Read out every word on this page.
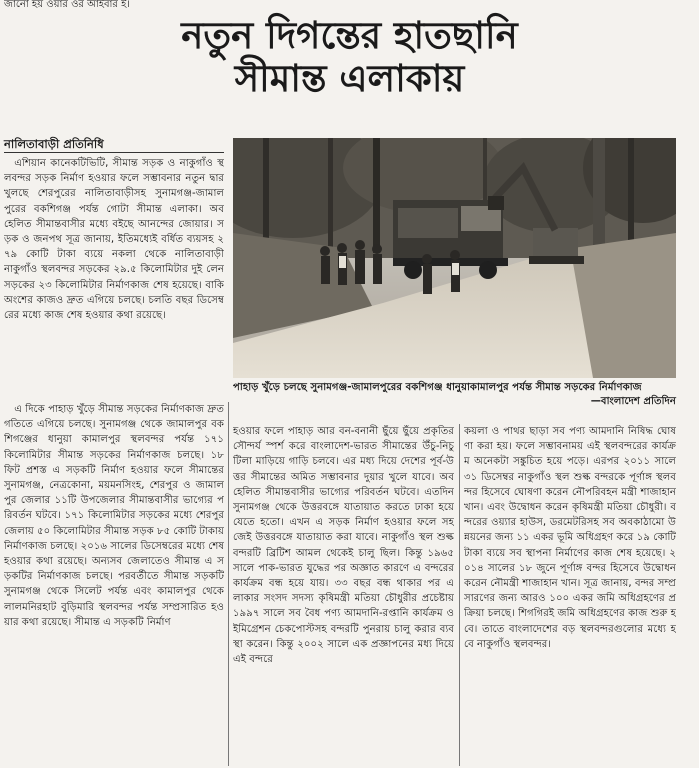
জানো হয় ওয়ার ওর আইবার ই।
নতুন দিগন্তের হাতছানি
সীমান্ত এলাকায়
নালিতাবাড়ী প্রতিনিধি

এশিয়ান কানেকটিভিটি, সীমান্ত সড়ক ও নাকুগাঁও স্থলবন্দর সড়ক নির্মাণ হওয়ার ফলে সম্ভাবনার নতুন দ্বার খুলছে শেরপুরের নালিতাবাড়ীসহ সুনামগঞ্জ-জামালপুরের বকশিগঞ্জ পর্যন্ত গোটা সীমান্ত এলাকা। অবহেলিত সীমান্তবাসীর মধ্যে বইছে আনন্দের জোয়ার। সড়ক ও জনপথ সূত্র জানায়, ইতিমধ্যেই বর্ধিত ব্যয়সহ ২৭৯ কোটি টাকা ব্যয়ে নকলা থেকে নালিতাবাড়ী নাকুগাঁও স্থলবন্দর সড়কের ২৯.৫ কিলোমিটার দুই লেন সড়কের ২৩ কিলোমিটার নির্মাণকাজ শেষ হয়েছে। বাকি অংশের কাজও দ্রুত এগিয়ে চলছে। চলতি বছর ডিসেম্বরের মধ্যে কাজ শেষ হওয়ার কথা রয়েছে।

এ দিকে পাহাড় খুঁড়ে সীমান্ত সড়কের নির্মাণকাজ দ্রুত গতিতে এগিয়ে চলছে। সুনামগঞ্জ থেকে জামালপুর বকশিগঞ্জের ধানুয়া কামালপুর স্থলবন্দর পর্যন্ত ১৭১ কিলোমিটার সীমান্ত সড়কের নির্মাণকাজ চলছে। ১৮ ফিট প্রশস্ত এ সড়কটি নির্মাণ হওয়ার ফলে সীমান্তের সুনামগঞ্জ, নেত্রকোনা, ময়মনসিংহ, শেরপুর ও জামালপুর জেলার ১১টি উপজেলার সীমান্তবাসীর ভাগ্যের পরিবর্তন ঘটবে। ১৭১ কিলোমিটার সড়কের মধ্যে শেরপুর জেলায় ৫০ কিলোমিটার সীমান্ত সড়ক ৮৫ কোটি টাকায় নির্মাণকাজ চলছে। ২০১৬ সালের ডিসেম্বরের মধ্যে শেষ হওয়ার কথা রয়েছে। অন্যসব জেলাতেও সীমান্ত এ সড়কটির নির্মাণকাজ চলছে। পরবর্তীতে সীমান্ত সড়কটি সুনামগঞ্জ থেকে সিলেট পর্যন্ত এবং কামালপুর থেকে লালমনিরহাট বুড়িমারি স্থলবন্দর পর্যন্ত সম্প্রসারিত হওয়ার কথা রয়েছে। সীমান্ত এ সড়কটি নির্মাণ

হওয়ার ফলে পাহাড় আর বন-বনানী ছুঁয়ে ছুঁয়ে প্রকৃতির সৌন্দর্য স্পর্শ করে বাংলাদেশ-ভারত সীমান্তের উঁচু-নিচু টিলা মাড়িয়ে গাড়ি চলবে। এর মধ্য দিয়ে দেশের পূর্ব-উত্তর সীমান্তের অমিত সম্ভাবনার দুয়ার খুলে যাবে। অবহেলিত সীমান্তবাসীর ভাগ্যের পরিবর্তন ঘটবে। এতদিন সুনামগঞ্জ থেকে উত্তরবঙ্গে যাতায়াত করতে ঢাকা হয়ে যেতে হতো। এখন এ সড়ক নির্মাণ হওয়ার ফলে সহজেই উত্তরবঙ্গে যাতায়াত করা যাবে। নাকুগাঁও স্থল শুল্ক বন্দরটি ব্রিটিশ আমল থেকেই চালু ছিল। কিন্তু ১৯৬৫ সালে পাক-ভারত যুদ্ধের পর অজ্ঞাত কারণে এ বন্দরের কার্যক্রম বন্ধ হয়ে যায়। ৩৩ বছর বন্ধ থাকার পর এলাকার সংসদ সদস্য কৃষিমন্ত্রী মতিয়া চৌধুরীর প্রচেষ্টায় ১৯৯৭ সালে সব বৈধ পণ্য আমদানি-রপ্তানি কার্যক্রম ও ইমিগ্রেশন চেকপোস্টসহ বন্দরটি পুনরায় চালু করার ব্যবস্থা করেন। কিন্তু ২০০২ সালে এক প্রজ্ঞাপনের মধ্য দিয়ে এই বন্দরে

কয়লা ও পাথর ছাড়া সব পণ্য আমদানি নিষিদ্ধ ঘোষণা করা হয়। ফলে সম্ভাবনাময় এই স্থলবন্দরের কার্যক্রম অনেকটা সঙ্কুচিত হয়ে পড়ে। এরপর ২০১১ সালে ৩১ ডিসেম্বর নাকুগাঁও স্থল শুল্ক বন্দরকে পূর্ণাঙ্গ স্থলবন্দর হিসেবে ঘোষণা করেন নৌপরিবহন মন্ত্রী শাজাহান খান। এবং উদ্বোধন করেন কৃষিমন্ত্রী মতিয়া চৌধুরী। বন্দরের ওয়্যার হাউস, ডরমেটরিসহ সব অবকাঠামো উন্নয়নের জন্য ১১ একর ভূমি অধিগ্রহণ করে ১৯ কোটি টাকা ব্যয়ে সব স্থাপনা নির্মাণের কাজ শেষ হয়েছে। ২০১৪ সালের ১৮ জুনে পূর্ণাঙ্গ বন্দর হিসেবে উদ্বোধন করেন নৌমন্ত্রী শাজাহান খান। সূত্র জানায়, বন্দর সম্প্রসারণের জন্য আরও ১০০ একর জমি অধিগ্রহণের প্রক্রিয়া চলছে। শিগগিরই জমি অধিগ্রহণের কাজ শুরু হবে। তাতে বাংলাদেশের বড় স্থলবন্দরগুলোর মধ্যে হবে নাকুগাঁও স্থলবন্দর।

পাহাড় খুঁড়ে চলছে সুনামগঞ্জ-জামালপুরের বকশিগঞ্জ ধানুয়াকামালপুর পর্যন্ত সীমান্ত সড়কের নির্মাণকাজ
—বাংলাদেশ প্রতিদিন
